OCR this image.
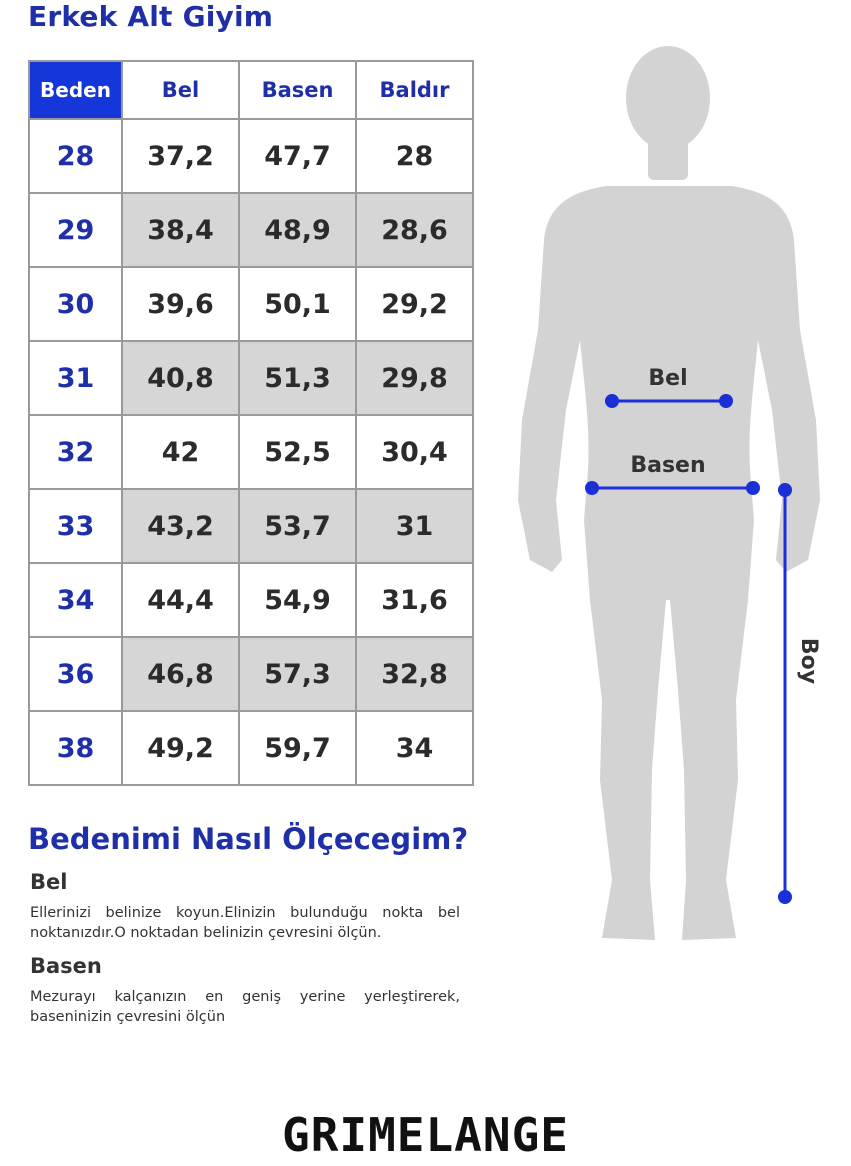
Erkek Alt Giyim
Beden	Bel	Basen	Baldır
28	37,2	47,7	28
29	38,4	48,9	28,6
30	39,6	50,1	29,2
31	40,8	51,3	29,8
32	42	52,5	30,4
33	43,2	53,7	31
34	44,4	54,9	31,6
36	46,8	57,3	32,8
38	49,2	59,7	34
Bel
Basen
Boy
Bedenimi Nasıl Ölçecegim?
Bel
Ellerinizi belinize koyun.Elinizin bulunduğu nokta bel noktanızdır.O noktadan belinizin çevresini ölçün.
Basen
Mezurayı kalçanızın en geniş yerine yerleştirerek, baseninizin çevresini ölçün
GRIMELANGE
